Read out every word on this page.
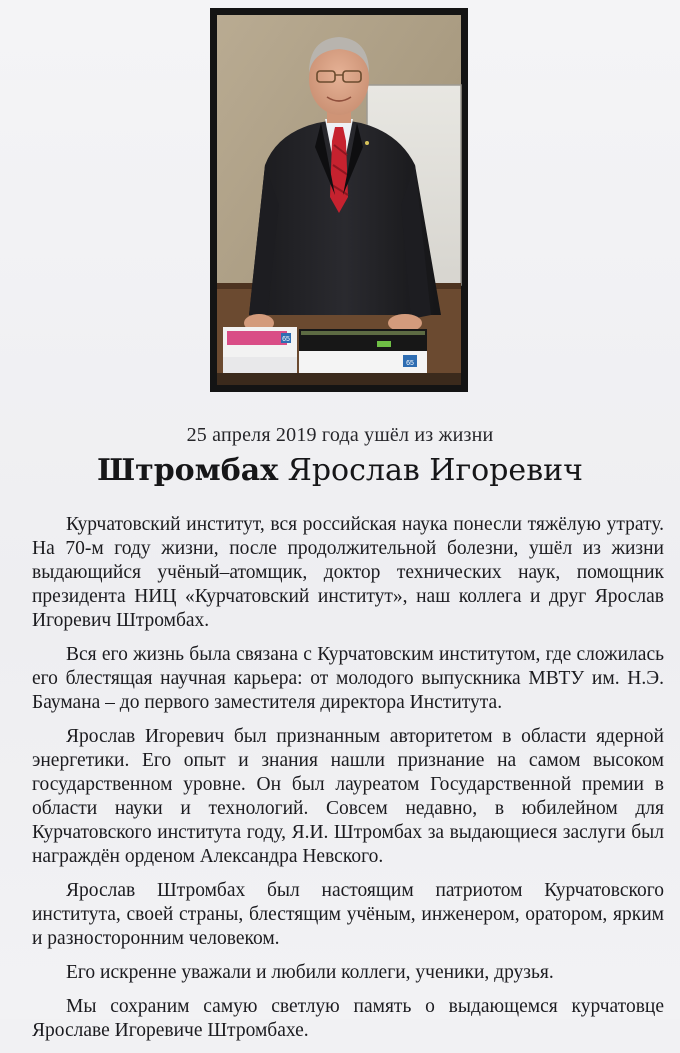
65
65
25 апреля 2019 года ушёл из жизни
Штромбах Ярослав Игоревич

Курчатовский институт, вся российская наука понесли тяжёлую утрату. На 70-м году жизни, после продолжительной болезни, ушёл из жизни выдающийся учёный–атомщик, доктор технических наук, помощник президента НИЦ «Курчатовский институт», наш коллега и друг Ярослав Игоревич Штромбах.

Вся его жизнь была связана с Курчатовским институтом, где сложилась его блестящая научная карьера: от молодого выпускника МВТУ им. Н.Э. Баумана – до первого заместителя директора Института.

Ярослав Игоревич был признанным авторитетом в области ядерной энергетики. Его опыт и знания нашли признание на самом высоком государственном уровне. Он был лауреатом Государственной премии в области науки и технологий. Совсем недавно, в юбилейном для Курчатовского института году, Я.И. Штромбах за выдающиеся заслуги был награждён орденом Александра Невского.

Ярослав Штромбах был настоящим патриотом Курчатовского института, своей страны, блестящим учёным, инженером, оратором, ярким и разносторонним человеком.

Его искренне уважали и любили коллеги, ученики, друзья.

Мы сохраним самую светлую память о выдающемся курчатовце Ярославе Игоревиче Штромбахе.
